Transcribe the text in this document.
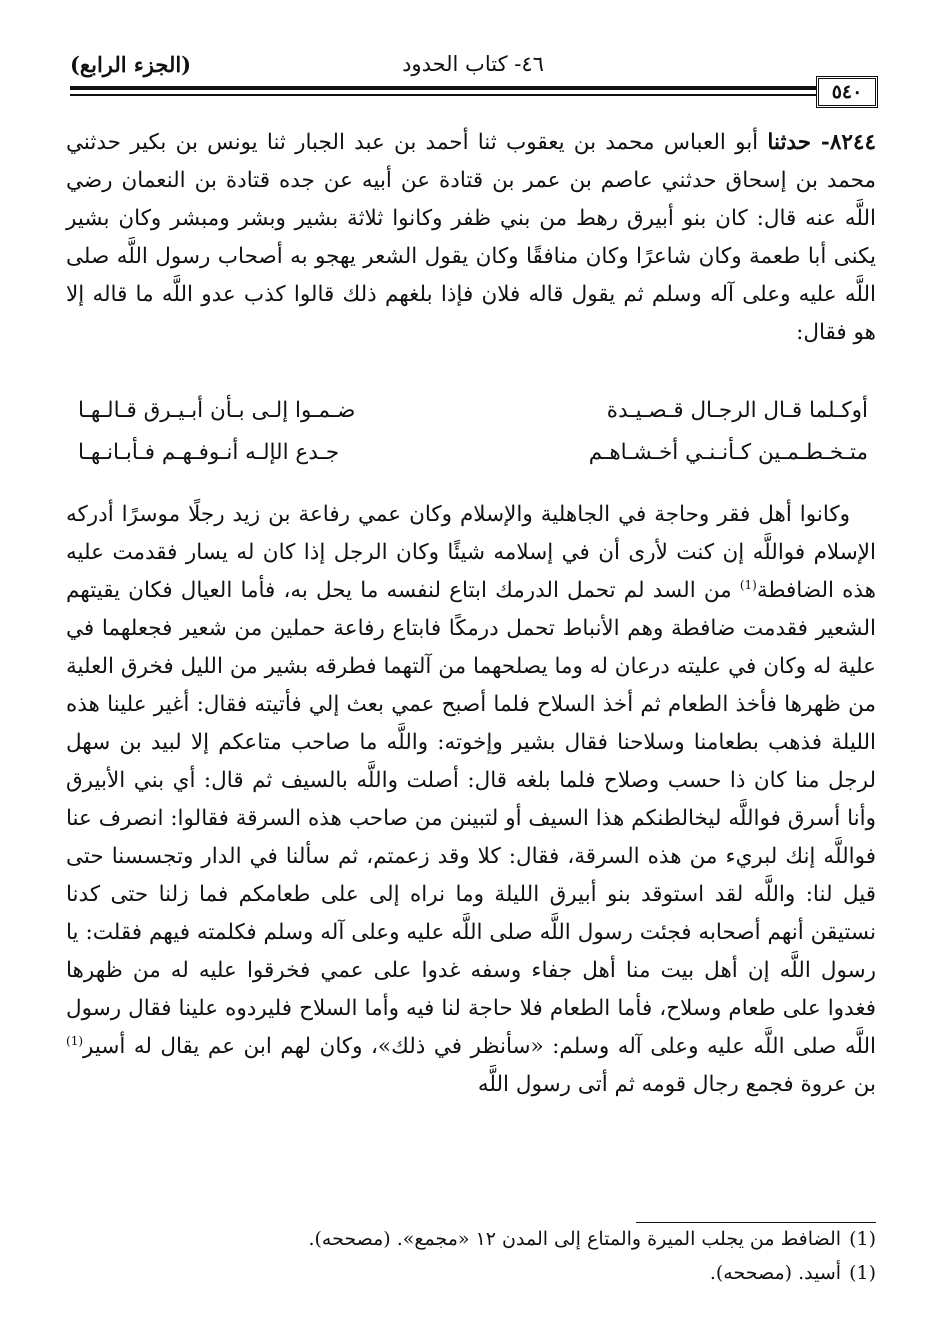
(الجزء الرابع)	٤٦- كتاب الحدود
٥٤٠

٨٢٤٤- حدثنا أبو العباس محمد بن يعقوب ثنا أحمد بن عبد الجبار ثنا يونس بن بكير حدثني محمد بن إسحاق حدثني عاصم بن عمر بن قتادة عن أبيه عن جده قتادة بن النعمان رضي اللَّه عنه قال: كان بنو أبيرق رهط من بني ظفر وكانوا ثلاثة بشير وبشر ومبشر وكان بشير يكنى أبا طعمة وكان شاعرًا وكان منافقًا وكان يقول الشعر يهجو به أصحاب رسول اللَّه صلى اللَّه عليه وعلى آله وسلم ثم يقول قاله فلان فإذا بلغهم ذلك قالوا كذب عدو اللَّه ما قاله إلا هو فقال:

أوكـلما قـال الرجـال قـصـيـدة
ضـمـوا إلـى بـأن أبـيـرق قـالـهـا
متـخـطـمـين كـأنـنـي أخـشـاهـم
جـدع الإلـه أنـوفـهـم فـأبـانـهـا

وكانوا أهل فقر وحاجة في الجاهلية والإسلام وكان عمي رفاعة بن زيد رجلًا موسرًا أدركه الإسلام فواللَّه إن كنت لأرى أن في إسلامه شيئًا وكان الرجل إذا كان له يسار فقدمت عليه هذه الضافطة$^{(1)}$ من السد لم تحمل الدرمك ابتاع لنفسه ما يحل به، فأما العيال فكان يقيتهم الشعير فقدمت ضافطة وهم الأنباط تحمل درمكًا فابتاع رفاعة حملين من شعير فجعلهما في علية له وكان في عليته درعان له وما يصلحهما من آلتهما فطرقه بشير من الليل فخرق العلية من ظهرها فأخذ الطعام ثم أخذ السلاح فلما أصبح عمي بعث إلي فأتيته فقال: أغير علينا هذه الليلة فذهب بطعامنا وسلاحنا فقال بشير وإخوته: واللَّه ما صاحب متاعكم إلا لبيد بن سهل لرجل منا كان ذا حسب وصلاح فلما بلغه قال: أصلت واللَّه بالسيف ثم قال: أي بني الأبيرق وأنا أسرق فواللَّه ليخالطنكم هذا السيف أو لتبينن من صاحب هذه السرقة فقالوا: انصرف عنا فواللَّه إنك لبريء من هذه السرقة، فقال: كلا وقد زعمتم، ثم سألنا في الدار وتجسسنا حتى قيل لنا: واللَّه لقد استوقد بنو أبيرق الليلة وما نراه إلى على طعامكم فما زلنا حتى كدنا نستيقن أنهم أصحابه فجئت رسول اللَّه صلى اللَّه عليه وعلى آله وسلم فكلمته فيهم فقلت: يا رسول اللَّه إن أهل بيت منا أهل جفاء وسفه غدوا على عمي فخرقوا عليه له من ظهرها فغدوا على طعام وسلاح، فأما الطعام فلا حاجة لنا فيه وأما السلاح فليردوه علينا فقال رسول اللَّه صلى اللَّه عليه وعلى آله وسلم: «سأنظر في ذلك»، وكان لهم ابن عم يقال له أسير$^{(1)}$ بن عروة فجمع رجال قومه ثم أتى رسول اللَّه

(1)الضافط من يجلب الميرة والمتاع إلى المدن ١٢ «مجمع». (مصححه).
(1)أسيد. (مصححه).
